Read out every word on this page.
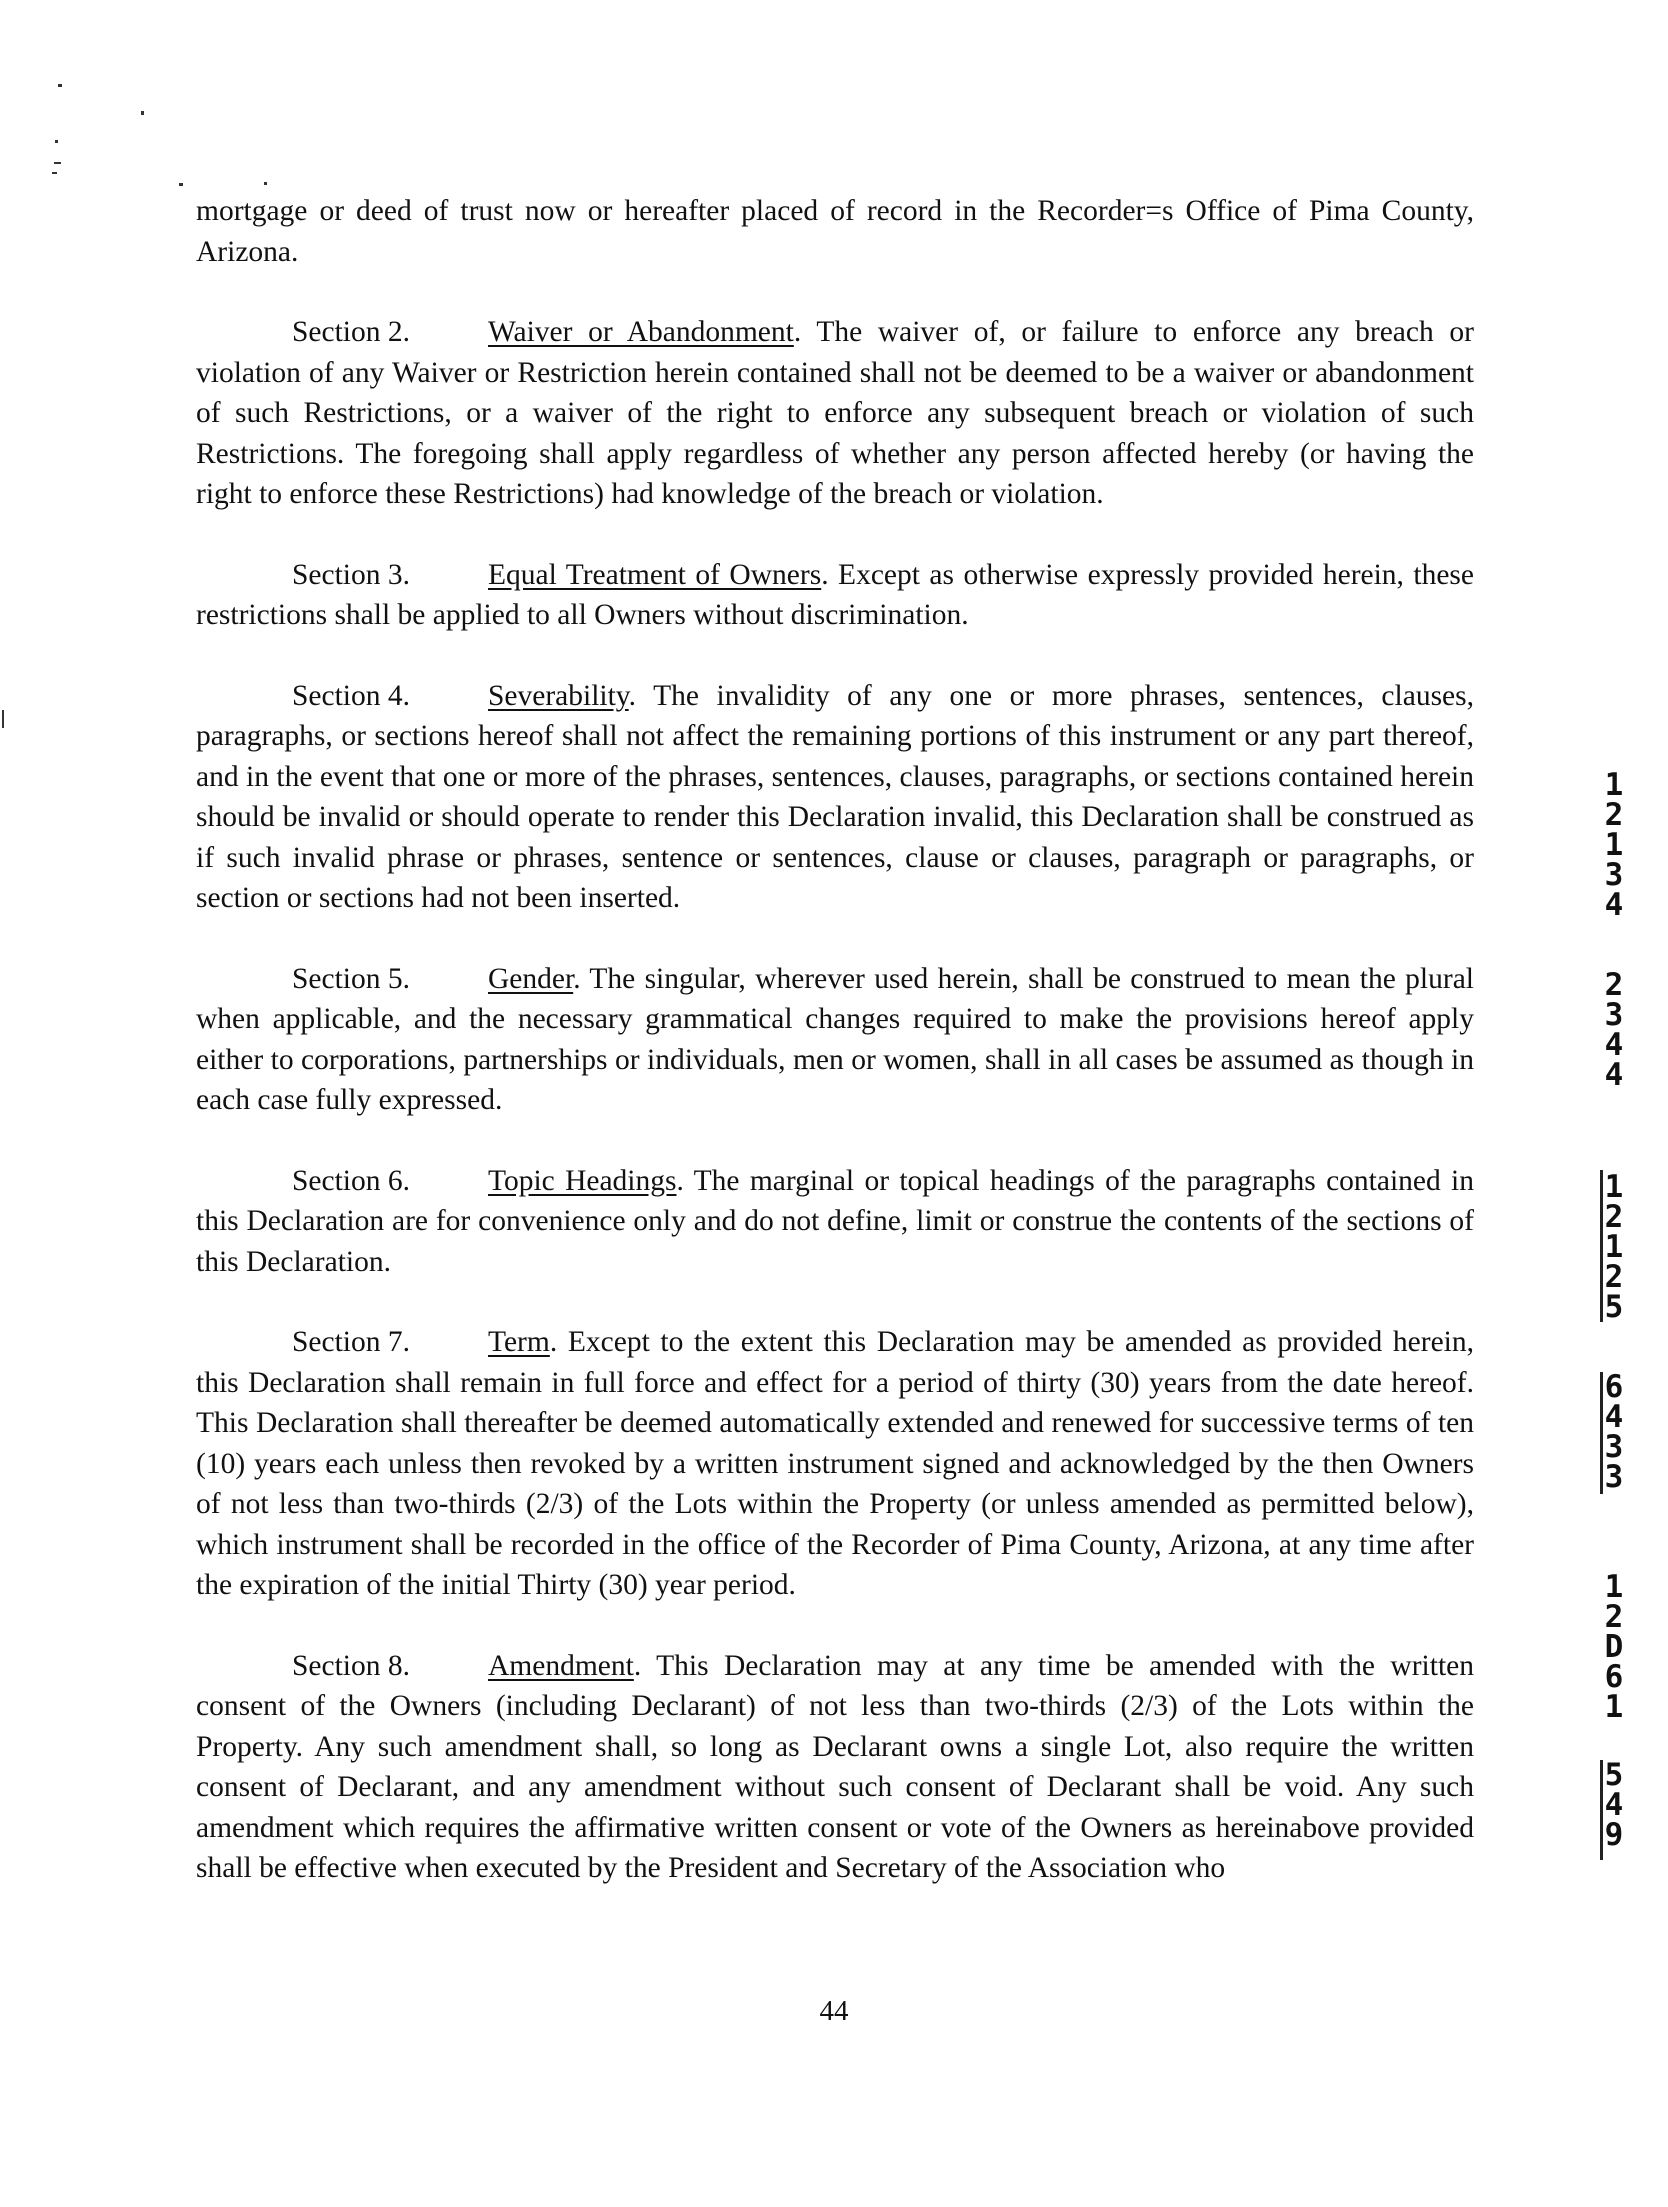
mortgage or deed of trust now or hereafter placed of record in the Recorder=s Office of Pima County, Arizona.

Section 2.	Waiver or Abandonment. The waiver of, or failure to enforce any breach or violation of any Waiver or Restriction herein contained shall not be deemed to be a waiver or abandonment of such Restrictions, or a waiver of the right to enforce any subsequent breach or violation of such Restrictions. The foregoing shall apply regardless of whether any person affected hereby (or having the right to enforce these Restrictions) had knowledge of the breach or violation.

Section 3.	Equal Treatment of Owners. Except as otherwise expressly provided herein, these restrictions shall be applied to all Owners without discrimination.

Section 4.	Severability. The invalidity of any one or more phrases, sentences, clauses, paragraphs, or sections hereof shall not affect the remaining portions of this instrument or any part thereof, and in the event that one or more of the phrases, sentences, clauses, paragraphs, or sections contained herein should be invalid or should operate to render this Declaration invalid, this Declaration shall be construed as if such invalid phrase or phrases, sentence or sentences, clause or clauses, paragraph or paragraphs, or section or sections had not been inserted.

Section 5.	Gender. The singular, wherever used herein, shall be construed to mean the plural when applicable, and the necessary grammatical changes required to make the provisions hereof apply either to corporations, partnerships or individuals, men or women, shall in all cases be assumed as though in each case fully expressed.

Section 6.	Topic Headings. The marginal or topical headings of the paragraphs contained in this Declaration are for convenience only and do not define, limit or construe the contents of the sections of this Declaration.

Section 7.	Term. Except to the extent this Declaration may be amended as provided herein, this Declaration shall remain in full force and effect for a period of thirty (30) years from the date hereof. This Declaration shall thereafter be deemed automatically extended and renewed for successive terms of ten (10) years each unless then revoked by a written instrument signed and acknowledged by the then Owners of not less than two-thirds (2/3) of the Lots within the Property (or unless amended as permitted below), which instrument shall be recorded in the office of the Recorder of Pima County, Arizona, at any time after the expiration of the initial Thirty (30) year period.

Section 8.	Amendment. This Declaration may at any time be amended with the written consent of the Owners (including Declarant) of not less than two-thirds (2/3) of the Lots within the Property. Any such amendment shall, so long as Declarant owns a single Lot, also require the written consent of Declarant, and any amendment without such consent of Declarant shall be void. Any such amendment which requires the affirmative written consent or vote of the Owners as hereinabove provided shall be effective when executed by the President and Secretary of the Association who

1
2
1
3
4
2
3
4
4
1
2
1
2
5
6
4
3
3
1
2
D
6
1
5
4
9
44
